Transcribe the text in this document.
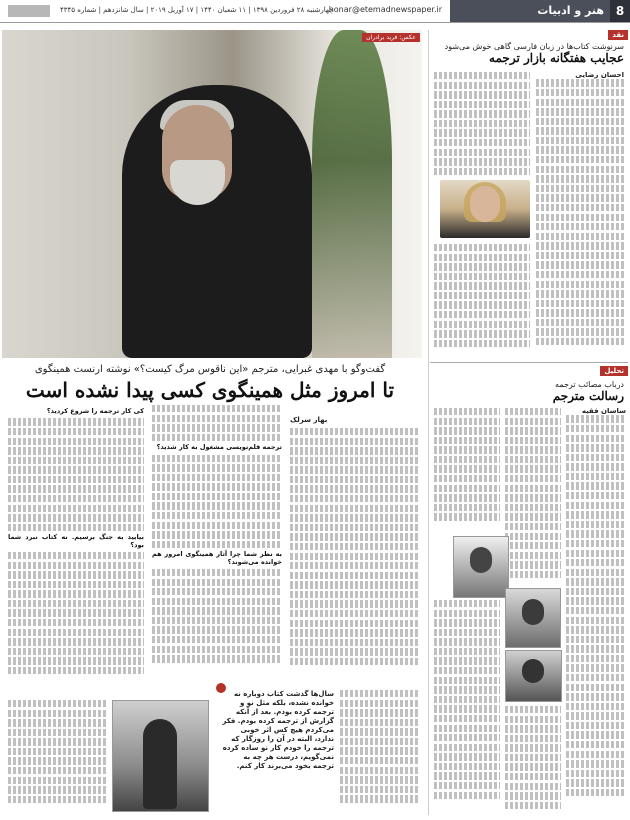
هنر و ادبیات 8
honar@etemadnewspaper.ir
چهارشنبه ۲۸ فروردین ۱۳۹۸ | ۱۱ شعبان ۱۴۴۰ | ۱۷ آوریل ۲۰۱۹ | سال شانزدهم | شماره ۴۳۴۵
عکس: فرید برادران
گفت‌وگو با مهدی غبرایی، مترجم «این ناقوس مرگ کیست؟» نوشته ارنست همینگوی
تا امروز مثل همینگوی کسی پیدا نشده است
بهار سرلک
ترجمه قلم‌نویسی مشغول به کار شدید؟
به نظر شما چرا آثار همینگوی امروز هم خوانده می‌شوند؟
کی کار ترجمه را شروع کردید؟
بیایید به جنگ برسیم. نه کتاب نبرد شما بود؟
سال‌ها گذشت کتاب دوباره نه خوانده نشده، بلکه مثل نو و ترجمه کرده بودم. بعد از آنکه گزارش از ترجمه کرده بودم. فکر می‌کردم هیچ کس اثر خوبی ندارد، البته در آن را روزگار که ترجمه را خودم کار نو ساده کرده نمی‌گویم، درست هر چه به ترجمه بخود می‌برند کار کنم.
نقد
سرنوشت کتاب‌ها در زبان فارسی گاهی خوش می‌شود
عجایب هفتگانه بازار ترجمه
احسان رضایی
تحلیل
درباب مصائب ترجمه
رسالت مترجم
ساسان فقیه
